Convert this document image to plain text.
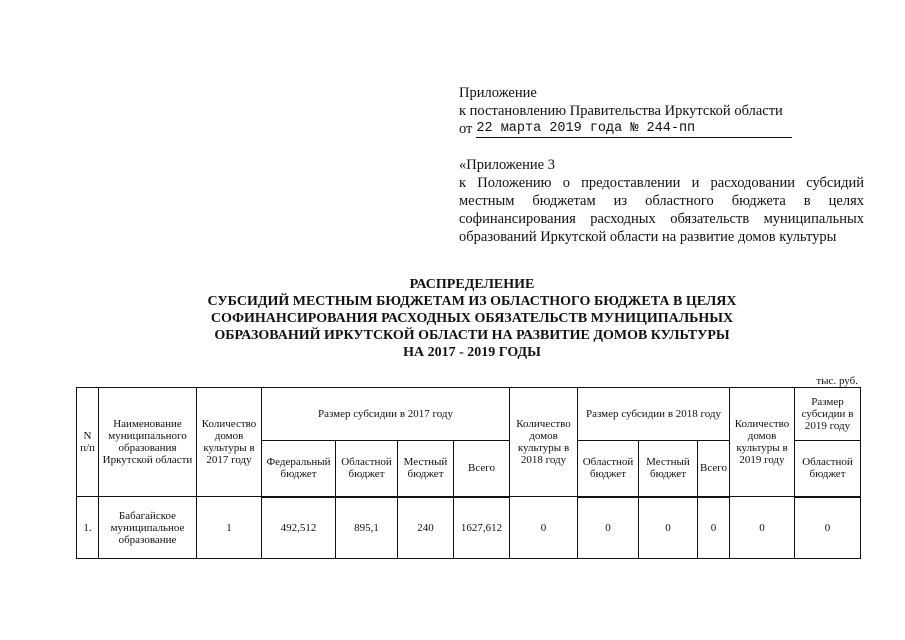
Приложение
к постановлению Правительства Иркутской области
от 22 марта 2019 года № 244-пп
«Приложение 3
к Положению о предоставлении и расходовании субсидий
местным бюджетам из областного бюджета в целях
софинансирования расходных обязательств муниципальных
образований Иркутской области на развитие домов культуры
РАСПРЕДЕЛЕНИЕ
СУБСИДИЙ МЕСТНЫМ БЮДЖЕТАМ ИЗ ОБЛАСТНОГО БЮДЖЕТА В ЦЕЛЯХ
СОФИНАНСИРОВАНИЯ РАСХОДНЫХ ОБЯЗАТЕЛЬСТВ МУНИЦИПАЛЬНЫХ
ОБРАЗОВАНИЙ ИРКУТСКОЙ ОБЛАСТИ НА РАЗВИТИЕ ДОМОВ КУЛЬТУРЫ
НА 2017 - 2019 ГОДЫ
тыс. руб.
N п/п	Наименование муниципального образования Иркутской области	Количество домов культуры в 2017 году	Размер субсидии в 2017 году				Количество домов культуры в 2018 году	Размер субсидии в 2018 году			Количество домов культуры в 2019 году	Размер субсидии в 2019 году
			Федеральный бюджет	Областной бюджет	Местный бюджет	Всего		Областной бюджет	Местный бюджет	Всего		Областной бюджет
1.	Бабагайское муниципальное образование	1	492,512	895,1	240	1627,612	0	0	0	0	0	0
